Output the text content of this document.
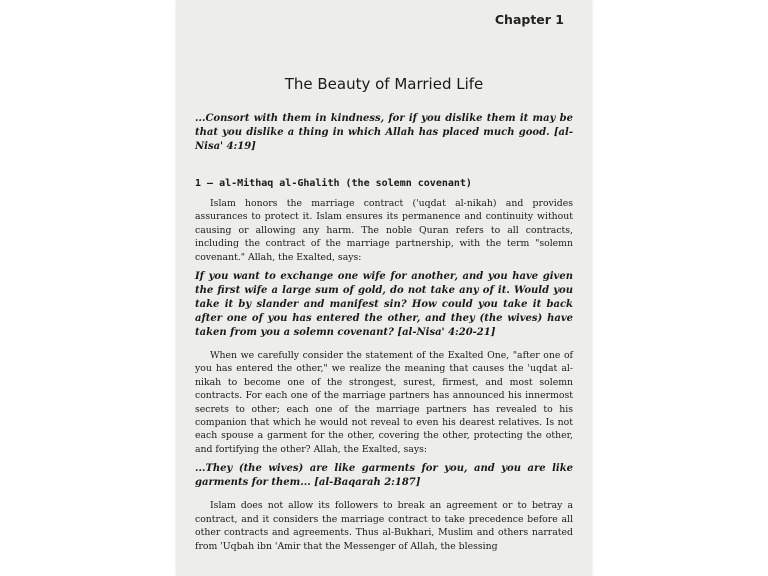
Chapter 1
The Beauty of Married Life

...Consort with them in kindness, for if you dislike them it may be that you dislike a thing in which Allah has placed much good. [al-Nisa' 4:19]

1 — al-Mithaq al-Ghalith (the solemn covenant)

Islam honors the marriage contract ('uqdat al-nikah) and provides assurances to protect it. Islam ensures its permanence and continuity without causing or allowing any harm. The noble Quran refers to all contracts, including the contract of the marriage partnership, with the term "solemn covenant." Allah, the Exalted, says:

If you want to exchange one wife for another, and you have given the first wife a large sum of gold, do not take any of it. Would you take it by slander and manifest sin? How could you take it back after one of you has entered the other, and they (the wives) have taken from you a solemn covenant? [al-Nisa' 4:20-21]

When we carefully consider the statement of the Exalted One, "after one of you has entered the other," we realize the meaning that causes the 'uqdat al-nikah to become one of the strongest, surest, firmest, and most solemn contracts. For each one of the marriage partners has announced his innermost secrets to other; each one of the marriage partners has revealed to his companion that which he would not reveal to even his dearest relatives. Is not each spouse a garment for the other, covering the other, protecting the other, and fortifying the other? Allah, the Exalted, says:

...They (the wives) are like garments for you, and you are like garments for them... [al-Baqarah 2:187]

Islam does not allow its followers to break an agreement or to betray a contract, and it considers the marriage contract to take precedence before all other contracts and agreements. Thus al-Bukhari, Muslim and others narrated from 'Uqbah ibn 'Amir that the Messenger of Allah, the blessing
